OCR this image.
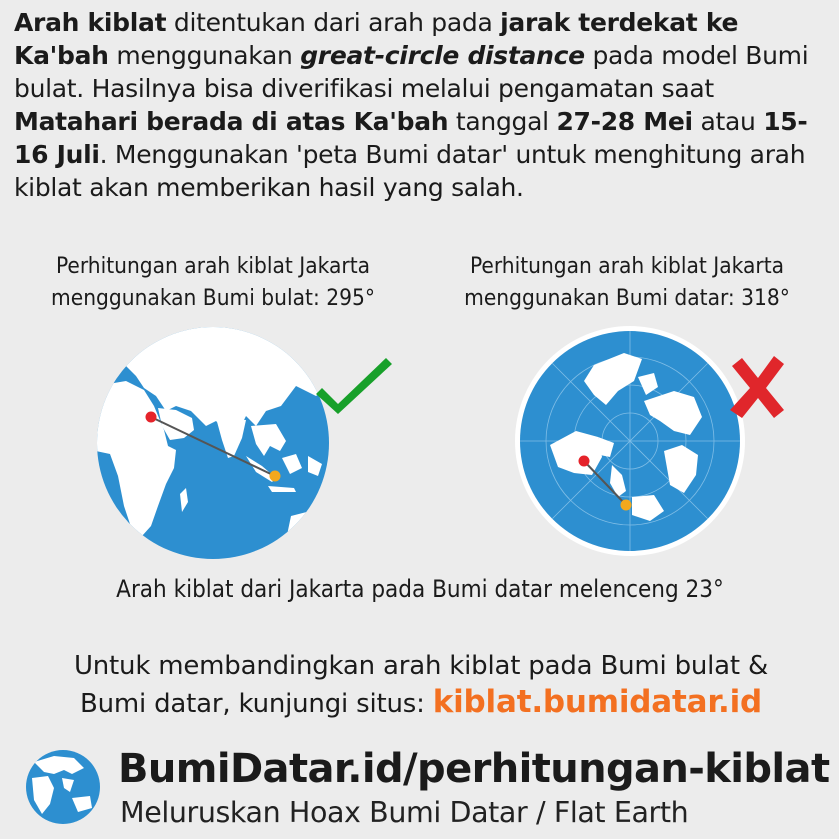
Arah kiblat ditentukan dari arah pada jarak terdekat ke Ka'bah menggunakan great-circle distance pada model Bumi bulat. Hasilnya bisa diverifikasi melalui pengamatan saat Matahari berada di atas Ka'bah tanggal 27-28 Mei atau 15-16 Juli. Menggunakan 'peta Bumi datar' untuk menghitung arah kiblat akan memberikan hasil yang salah.
Perhitungan arah kiblat Jakarta
menggunakan Bumi bulat: 295°
Perhitungan arah kiblat Jakarta
menggunakan Bumi datar: 318°
Arah kiblat dari Jakarta pada Bumi datar melenceng 23°
Untuk membandingkan arah kiblat pada Bumi bulat &
Bumi datar, kunjungi situs: kiblat.bumidatar.id
BumiDatar.id/perhitungan-kiblat
Meluruskan Hoax Bumi Datar / Flat Earth
